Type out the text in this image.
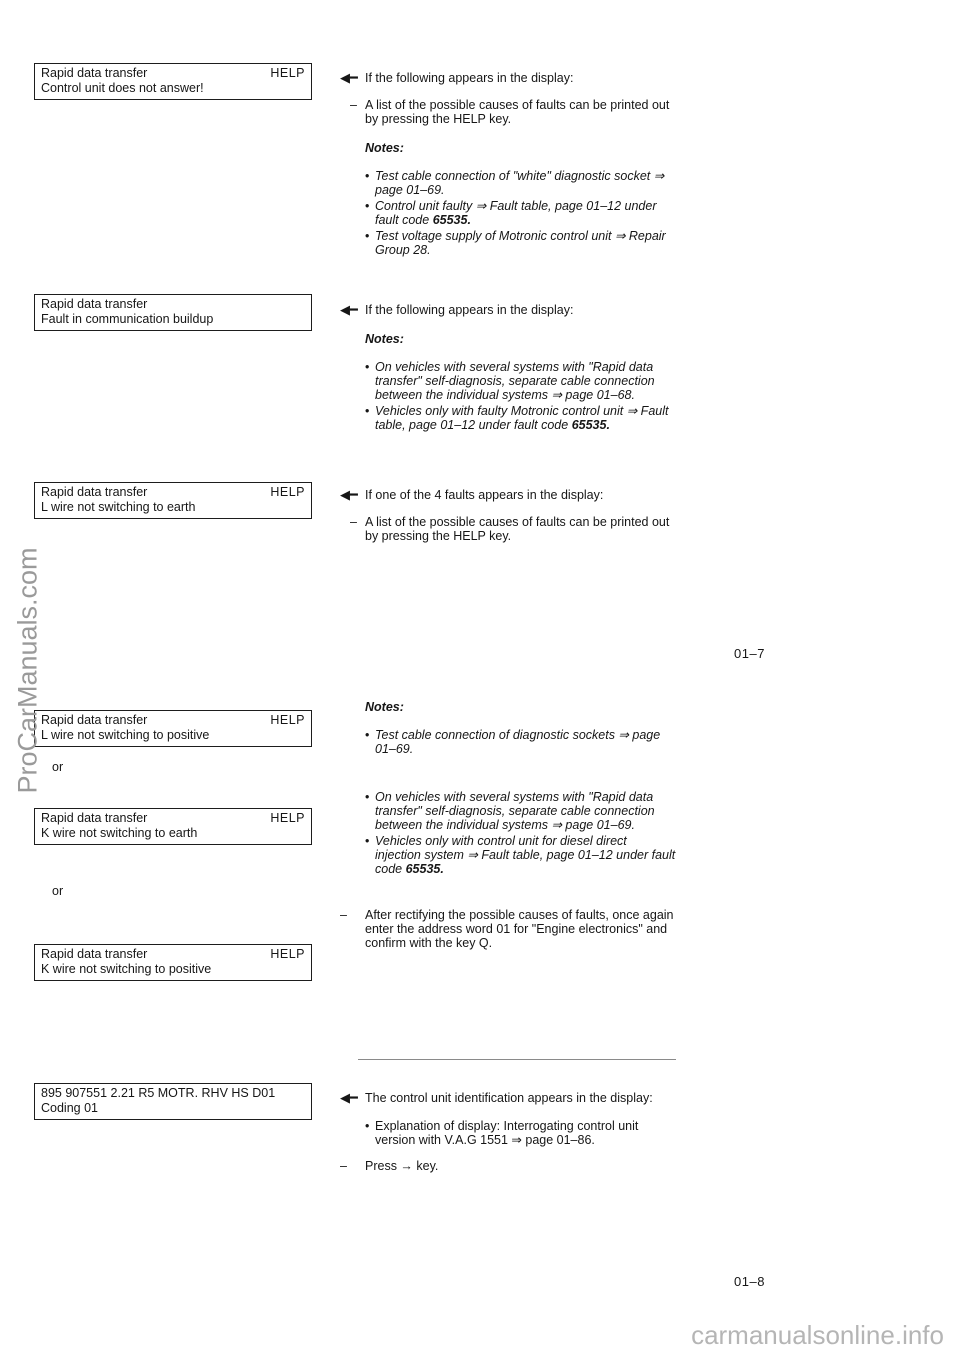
Rapid data transfer	HELP
Control unit does not answer!
Rapid data transfer
Fault in communication buildup
Rapid data transfer	HELP
L wire not switching to earth
Rapid data transfer	HELP
L wire not switching to positive
or
Rapid data transfer	HELP
K wire not switching to earth
or
Rapid data transfer	HELP
K wire not switching to positive
895 907551 2.21 R5 MOTR. RHV HS D01
Coding 01
◀━ If the following appears in the display:
– A list of the possible causes of faults can be printed out by pressing the HELP key.
Notes:
• Test cable connection of "white" diagnostic socket ⇒ page 01–69.
• Control unit faulty ⇒ Fault table, page 01–12 under fault code 65535.
• Test voltage supply of Motronic control unit ⇒ Repair Group 28.
◀━ If the following appears in the display:
Notes:
• On vehicles with several systems with "Rapid data transfer" self-diagnosis, separate cable connection between the individual systems ⇒ page 01–68.
• Vehicles only with faulty Motronic control unit ⇒ Fault table, page 01–12 under fault code 65535.
◀━ If one of the 4 faults appears in the display:
– A list of the possible causes of faults can be printed out by pressing the HELP key.
01–7
Notes:
• Test cable connection of diagnostic sockets ⇒ page 01–69.
• On vehicles with several systems with "Rapid data transfer" self-diagnosis, separate cable connection between the individual systems ⇒ page 01–69.
• Vehicles only with control unit for diesel direct injection system ⇒ Fault table, page 01–12 under fault code 65535.
–	After rectifying the possible causes of faults, once again enter the address word 01 for "Engine electronics" and confirm with the key Q.
◀━ The control unit identification appears in the display:
• Explanation of display: Interrogating control unit version with V.A.G 1551 ⇒ page 01–86.
– Press → key.
01–8
ProCarManuals.com
carmanualsonline.info
